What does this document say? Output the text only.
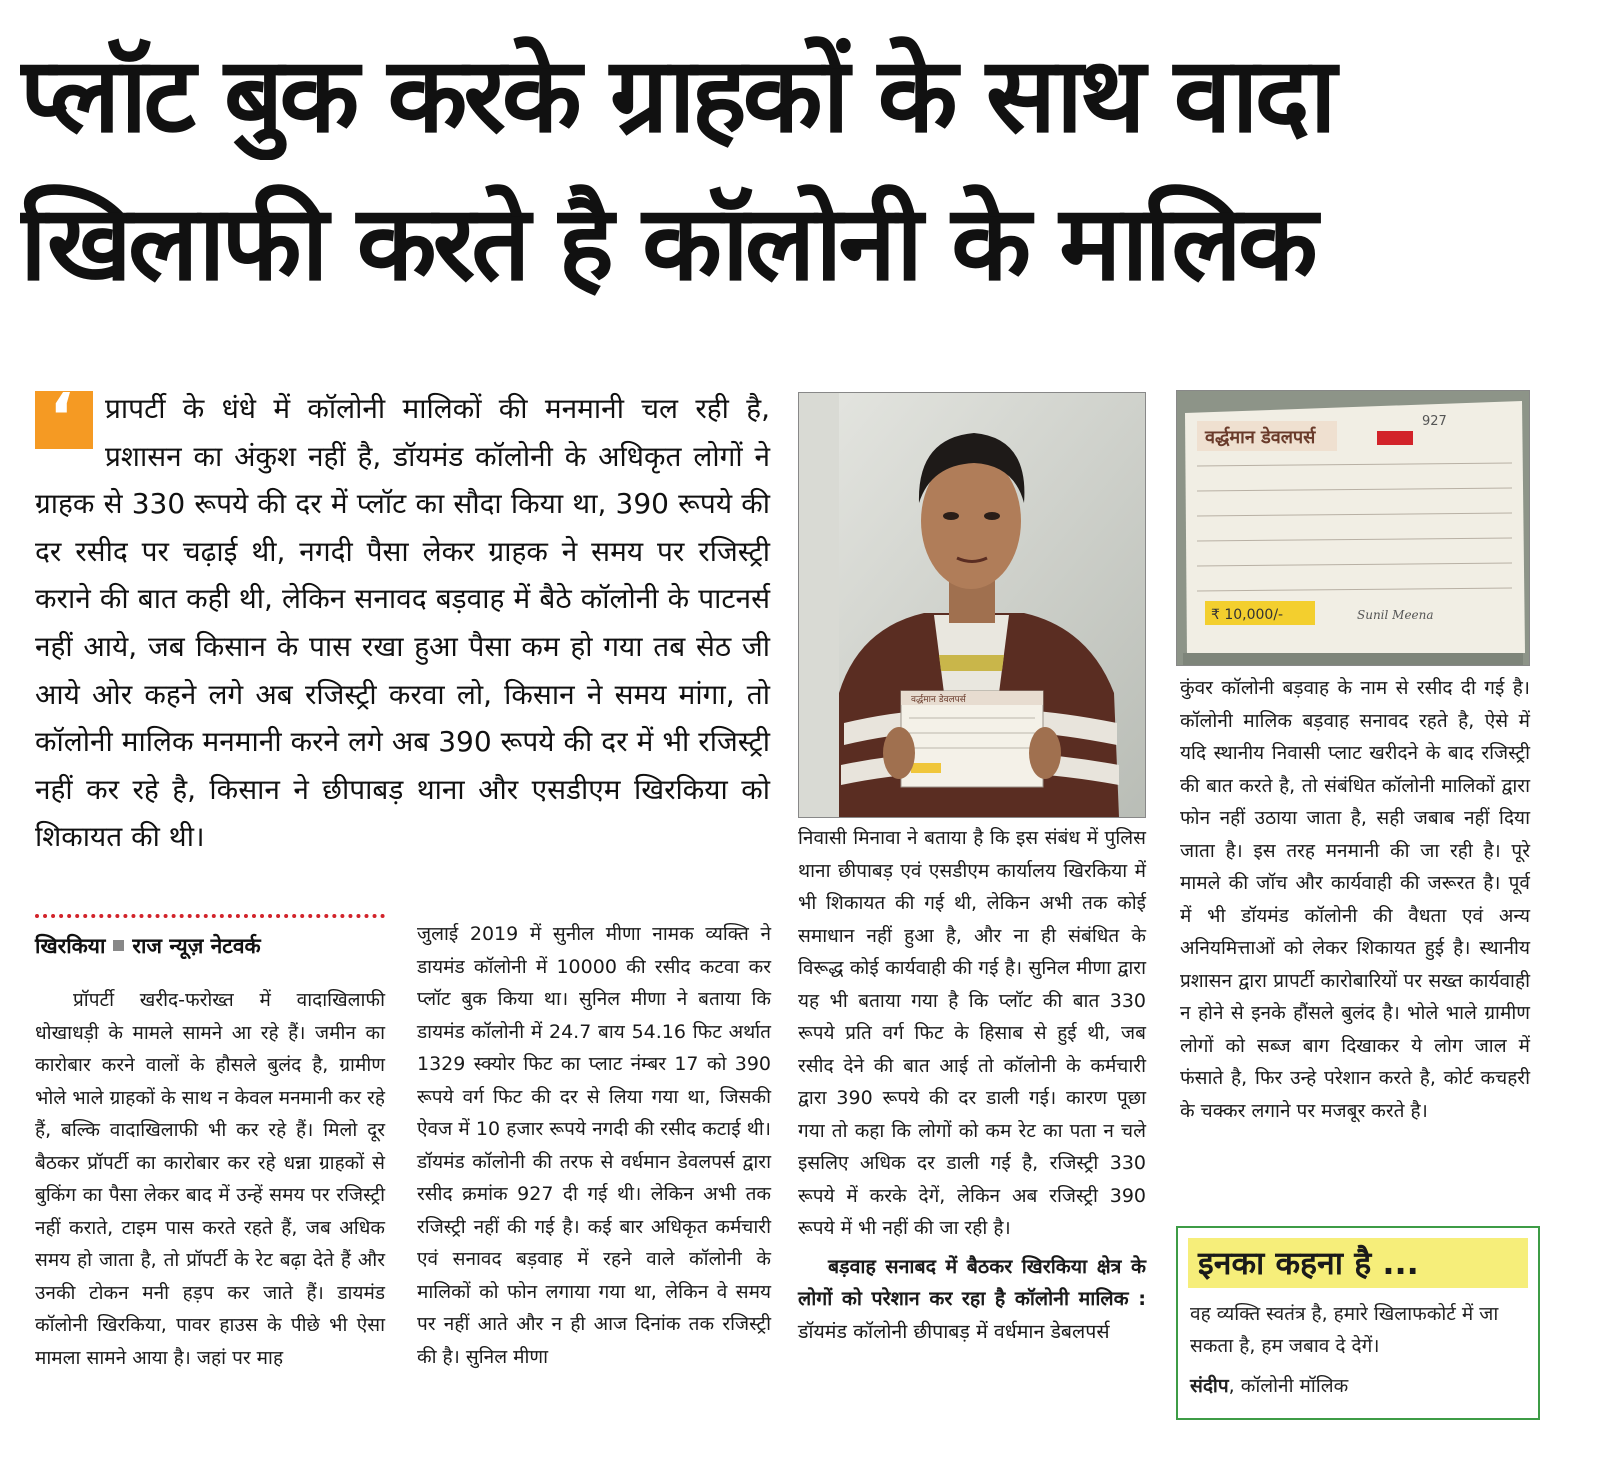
प्लॉट बुक करके ग्राहकों के साथ वादा
खिलाफी करते है कॉलोनी के मालिक
‘ प्रापर्टी के धंधे में कॉलोनी मालिकों की मनमानी चल रही है, प्रशासन का अंकुश नहीं है, डॉयमंड कॉलोनी के अधिकृत लोगों ने ग्राहक से 330 रूपये की दर में प्लॉट का सौदा किया था, 390 रूपये की दर रसीद पर चढ़ाई थी, नगदी पैसा लेकर ग्राहक ने समय पर रजिस्ट्री कराने की बात कही थी, लेकिन सनावद बड़वाह में बैठे कॉलोनी के पाटनर्स नहीं आये, जब किसान के पास रखा हुआ पैसा कम हो गया तब सेठ जी आये ओर कहने लगे अब रजिस्ट्री करवा लो, किसान ने समय मांगा, तो कॉलोनी मालिक मनमानी करने लगे अब 390 रूपये की दर में भी रजिस्ट्री नहीं कर रहे है, किसान ने छीपाबड़ थाना और एसडीएम खिरकिया को शिकायत की थी।
वर्द्धमान डेवलपर्स
वर्द्धमान डेवलपर्स
927
₹ 10,000/-	Sunil Meena
खिरकिया राज न्यूज़ नेटवर्क
प्रॉपर्टी खरीद-फरोख्त में वादाखिलाफी धोखाधड़ी के मामले सामने आ रहे हैं। जमीन का कारोबार करने वालों के हौसले बुलंद है, ग्रामीण भोले भाले ग्राहकों के साथ न केवल मनमानी कर रहे हैं, बल्कि वादाखिलाफी भी कर रहे हैं। मिलो दूर बैठकर प्रॉपर्टी का कारोबार कर रहे धन्ना ग्राहकों से बुकिंग का पैसा लेकर बाद में उन्हें समय पर रजिस्ट्री नहीं कराते, टाइम पास करते रहते हैं, जब अधिक समय हो जाता है, तो प्रॉपर्टी के रेट बढ़ा देते हैं और उनकी टोकन मनी हड़प कर जाते हैं। डायमंड कॉलोनी खिरकिया, पावर हाउस के पीछे भी ऐसा मामला सामने आया है। जहां पर माह
जुलाई 2019 में सुनील मीणा नामक व्यक्ति ने डायमंड कॉलोनी में 10000 की रसीद कटवा कर प्लॉट बुक किया था। सुनिल मीणा ने बताया कि डायमंड कॉलोनी में 24.7 बाय 54.16 फिट अर्थात 1329 स्क्योर फिट का प्लाट नंम्बर 17 को 390 रूपये वर्ग फिट की दर से लिया गया था, जिसकी ऐवज में 10 हजार रूपये नगदी की रसीद कटाई थी। डॉयमंड कॉलोनी की तरफ से वर्धमान डेवलपर्स द्वारा रसीद क्रमांक 927 दी गई थी। लेकिन अभी तक रजिस्ट्री नहीं की गई है। कई बार अधिकृत कर्मचारी एवं सनावद बड़वाह में रहने वाले कॉलोनी के मालिकों को फोन लगाया गया था, लेकिन वे समय पर नहीं आते और न ही आज दिनांक तक रजिस्ट्री की है। सुनिल मीणा
निवासी मिनावा ने बताया है कि इस संबंध में पुलिस थाना छीपाबड़ एवं एसडीएम कार्यालय खिरकिया में भी शिकायत की गई थी, लेकिन अभी तक कोई समाधान नहीं हुआ है, और ना ही संबंधित के विरूद्ध कोई कार्यवाही की गई है। सुनिल मीणा द्वारा यह भी बताया गया है कि प्लॉट की बात 330 रूपये प्रति वर्ग फिट के हिसाब से हुई थी, जब रसीद देने की बात आई तो कॉलोनी के कर्मचारी द्वारा 390 रूपये की दर डाली गई। कारण पूछा गया तो कहा कि लोगों को कम रेट का पता न चले इसलिए अधिक दर डाली गई है, रजिस्ट्री 330 रूपये में करके देगें, लेकिन अब रजिस्ट्री 390 रूपये में भी नहीं की जा रही है।
बड़वाह सनाबद में बैठकर खिरकिया क्षेत्र के लोगों को परेशान कर रहा है कॉलोनी मालिक : डॉयमंड कॉलोनी छीपाबड़ में वर्धमान डेबलपर्स
कुंवर कॉलोनी बड़वाह के नाम से रसीद दी गई है। कॉलोनी मालिक बड़वाह सनावद रहते है, ऐसे में यदि स्थानीय निवासी प्लाट खरीदने के बाद रजिस्ट्री की बात करते है, तो संबंधित कॉलोनी मालिकों द्वारा फोन नहीं उठाया जाता है, सही जबाब नहीं दिया जाता है। इस तरह मनमानी की जा रही है। पूरे मामले की जॉच और कार्यवाही की जरूरत है। पूर्व में भी डॉयमंड कॉलोनी की वैधता एवं अन्य अनियमित्ताओं को लेकर शिकायत हुई है। स्थानीय प्रशासन द्वारा प्रापर्टी कारोबारियों पर सख्त कार्यवाही न होने से इनके हौंसले बुलंद है। भोले भाले ग्रामीण लोगों को सब्ज बाग दिखाकर ये लोग जाल में फंसाते है, फिर उन्हे परेशान करते है, कोर्ट कचहरी के चक्कर लगाने पर मजबूर करते है।
इनका कहना है ...
वह व्यक्ति स्वतंत्र है, हमारे खिलाफकोर्ट में जा सकता है, हम जबाव दे देगें।
संदीप, कॉलोनी मॉलिक
